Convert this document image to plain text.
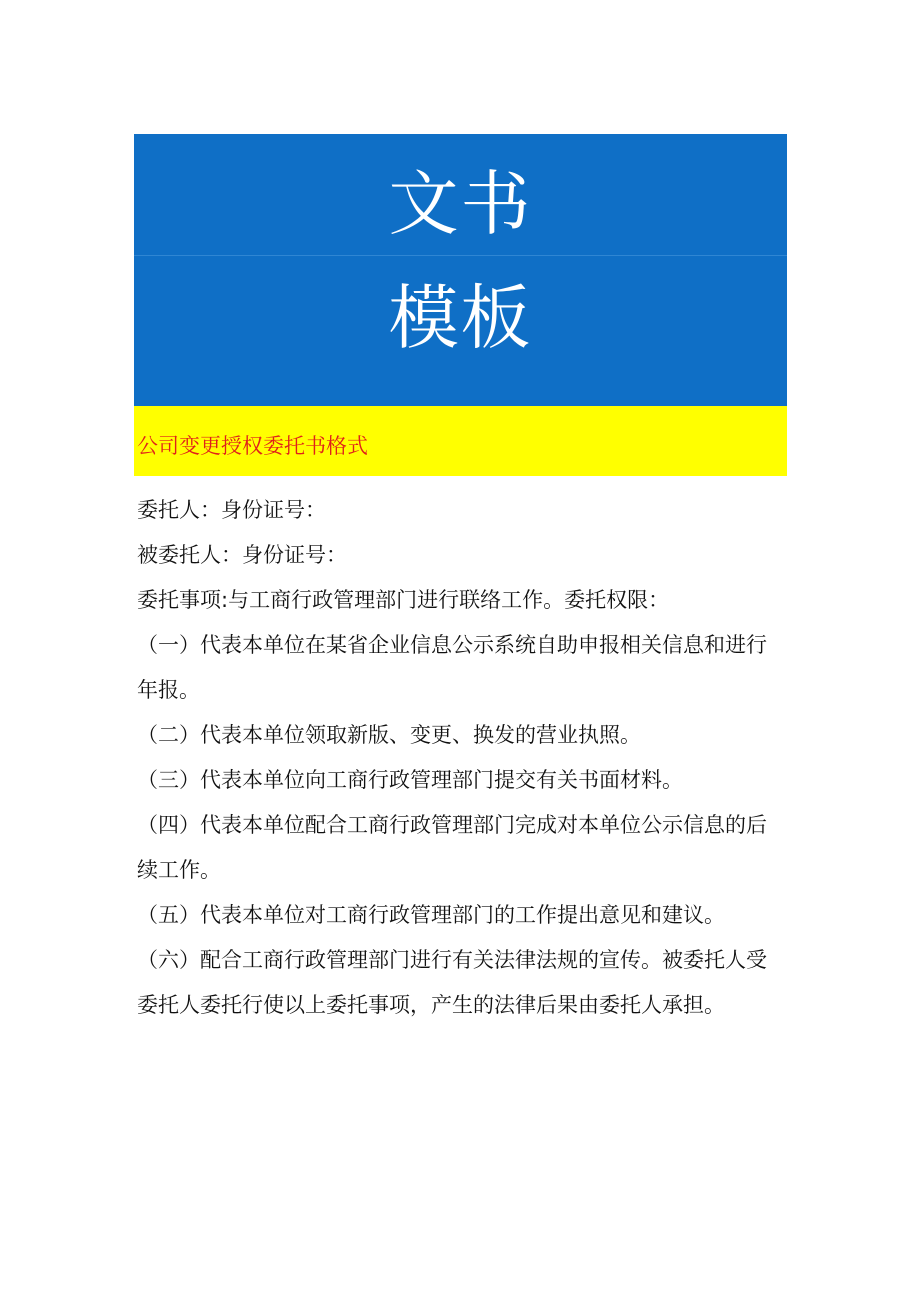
文书
模板
公司变更授权委托书格式

委托人：身份证号：

被委托人：身份证号：

委托事项:与工商行政管理部门进行联络工作。委托权限：

（一）代表本单位在某省企业信息公示系统自助申报相关信息和进行年报。

（二）代表本单位领取新版、变更、换发的营业执照。

（三）代表本单位向工商行政管理部门提交有关书面材料。

（四）代表本单位配合工商行政管理部门完成对本单位公示信息的后续工作。

（五）代表本单位对工商行政管理部门的工作提出意见和建议。

（六）配合工商行政管理部门进行有关法律法规的宣传。被委托人受委托人委托行使以上委托事项，产生的法律后果由委托人承担。
